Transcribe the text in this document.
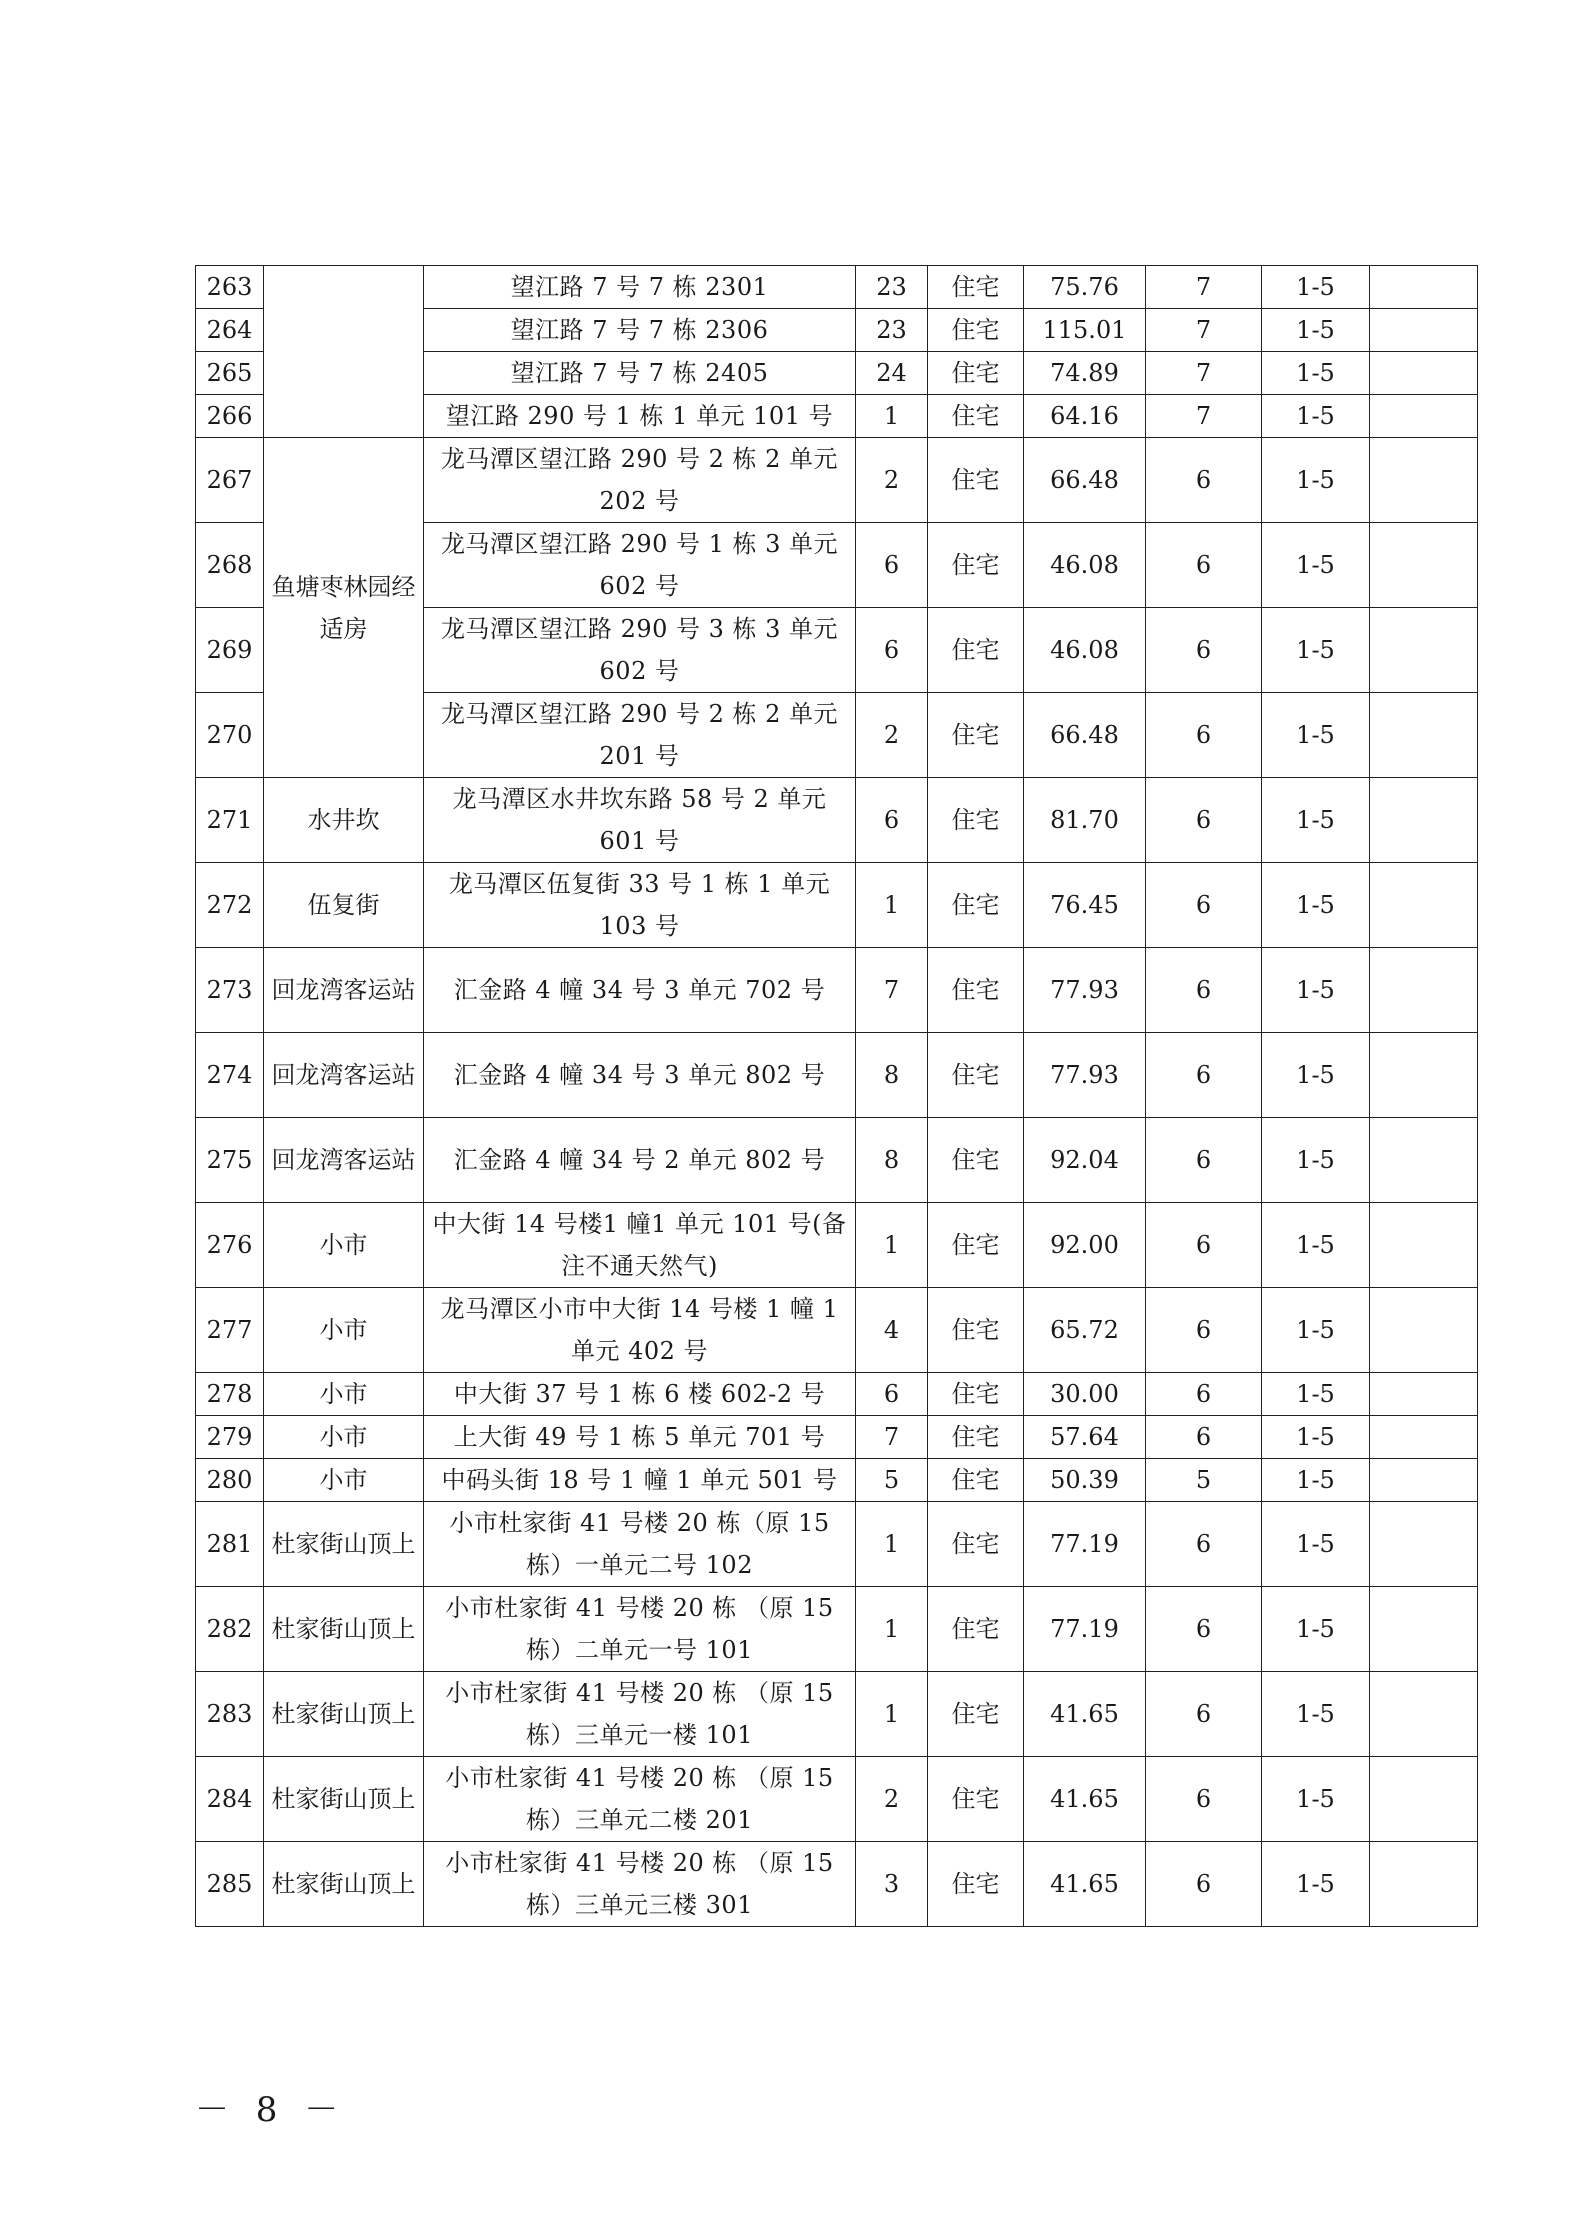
263		望江路 7 号 7 栋 2301	23	住宅	75.76	7	1-5	
264		望江路 7 号 7 栋 2306	23	住宅	115.01	7	1-5	
265		望江路 7 号 7 栋 2405	24	住宅	74.89	7	1-5	
266		望江路 290 号 1 栋 1 单元 101 号	1	住宅	64.16	7	1-5	
267	鱼塘枣林园经适房	龙马潭区望江路 290 号 2 栋 2 单元 202 号	2	住宅	66.48	6	1-5	
268		龙马潭区望江路 290 号 1 栋 3 单元 602 号	6	住宅	46.08	6	1-5	
269		龙马潭区望江路 290 号 3 栋 3 单元 602 号	6	住宅	46.08	6	1-5	
270		龙马潭区望江路 290 号 2 栋 2 单元 201 号	2	住宅	66.48	6	1-5	
271	水井坎	龙马潭区水井坎东路 58 号 2 单元 601 号	6	住宅	81.70	6	1-5	
272	伍复街	龙马潭区伍复街 33 号 1 栋 1 单元 103 号	1	住宅	76.45	6	1-5	
273	回龙湾客运站	汇金路 4 幢 34 号 3 单元 702 号	7	住宅	77.93	6	1-5	
274	回龙湾客运站	汇金路 4 幢 34 号 3 单元 802 号	8	住宅	77.93	6	1-5	
275	回龙湾客运站	汇金路 4 幢 34 号 2 单元 802 号	8	住宅	92.04	6	1-5	
276	小市	中大街 14 号楼1 幢1 单元 101 号(备注不通天然气)	1	住宅	92.00	6	1-5	
277	小市	龙马潭区小市中大街 14 号楼 1 幢 1 单元 402 号	4	住宅	65.72	6	1-5	
278	小市	中大街 37 号 1 栋 6 楼 602-2 号	6	住宅	30.00	6	1-5	
279	小市	上大街 49 号 1 栋 5 单元 701 号	7	住宅	57.64	6	1-5	
280	小市	中码头街 18 号 1 幢 1 单元 501 号	5	住宅	50.39	5	1-5	
281	杜家街山顶上	小市杜家街 41 号楼 20 栋（原 15 栋）一单元二号 102	1	住宅	77.19	6	1-5	
282	杜家街山顶上	小市杜家街 41 号楼 20 栋 （原 15 栋）二单元一号 101	1	住宅	77.19	6	1-5	
283	杜家街山顶上	小市杜家街 41 号楼 20 栋 （原 15 栋）三单元一楼 101	1	住宅	41.65	6	1-5	
284	杜家街山顶上	小市杜家街 41 号楼 20 栋 （原 15 栋）三单元二楼 201	2	住宅	41.65	6	1-5	
285	杜家街山顶上	小市杜家街 41 号楼 20 栋 （原 15 栋）三单元三楼 301	3	住宅	41.65	6	1-5	
－ 8 －
